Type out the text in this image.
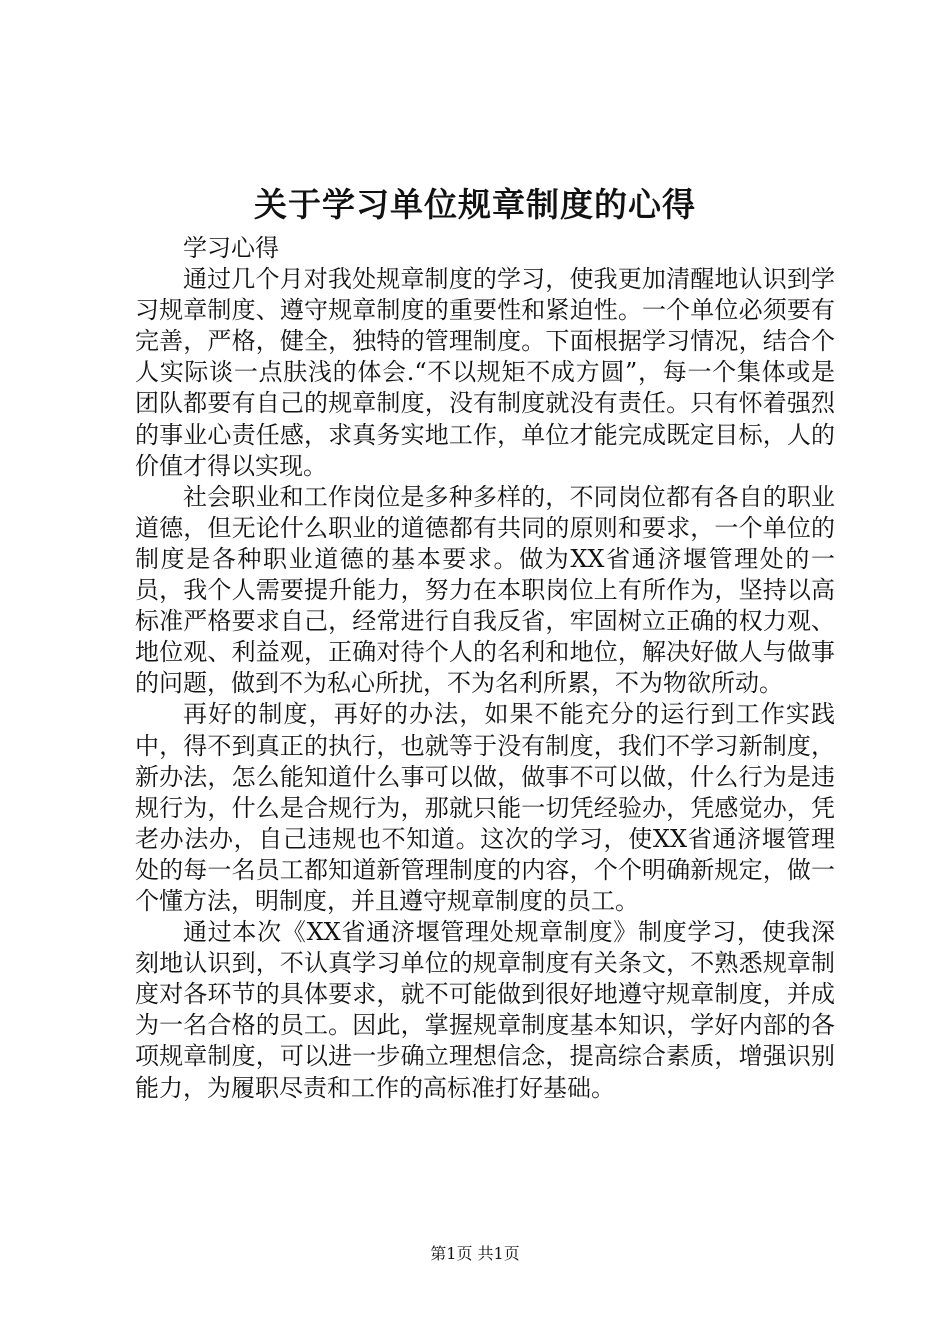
关于学习单位规章制度的心得

学习心得

通过几个月对我处规章制度的学习，使我更加清醒地认识到学习规章制度、遵守规章制度的重要性和紧迫性。一个单位必须要有完善，严格，健全，独特的管理制度。下面根据学习情况，结合个人实际谈一点肤浅的体会.“不以规矩不成方圆”，每一个集体或是团队都要有自己的规章制度，没有制度就没有责任。只有怀着强烈的事业心责任感，求真务实地工作，单位才能完成既定目标，人的价值才得以实现。

社会职业和工作岗位是多种多样的，不同岗位都有各自的职业道德，但无论什么职业的道德都有共同的原则和要求，一个单位的制度是各种职业道德的基本要求。做为XX省通济堰管理处的一员，我个人需要提升能力，努力在本职岗位上有所作为，坚持以高标准严格要求自己，经常进行自我反省，牢固树立正确的权力观、地位观、利益观，正确对待个人的名利和地位，解决好做人与做事的问题，做到不为私心所扰，不为名利所累，不为物欲所动。

再好的制度，再好的办法，如果不能充分的运行到工作实践中，得不到真正的执行，也就等于没有制度，我们不学习新制度，新办法，怎么能知道什么事可以做，做事不可以做，什么行为是违规行为，什么是合规行为，那就只能一切凭经验办，凭感觉办，凭老办法办，自己违规也不知道。这次的学习，使XX省通济堰管理处的每一名员工都知道新管理制度的内容，个个明确新规定，做一个懂方法，明制度，并且遵守规章制度的员工。

通过本次《XX省通济堰管理处规章制度》制度学习，使我深刻地认识到，不认真学习单位的规章制度有关条文，不熟悉规章制度对各环节的具体要求，就不可能做到很好地遵守规章制度，并成为一名合格的员工。因此，掌握规章制度基本知识，学好内部的各项规章制度，可以进一步确立理想信念，提高综合素质，增强识别能力，为履职尽责和工作的高标准打好基础。

第1页 共1页
